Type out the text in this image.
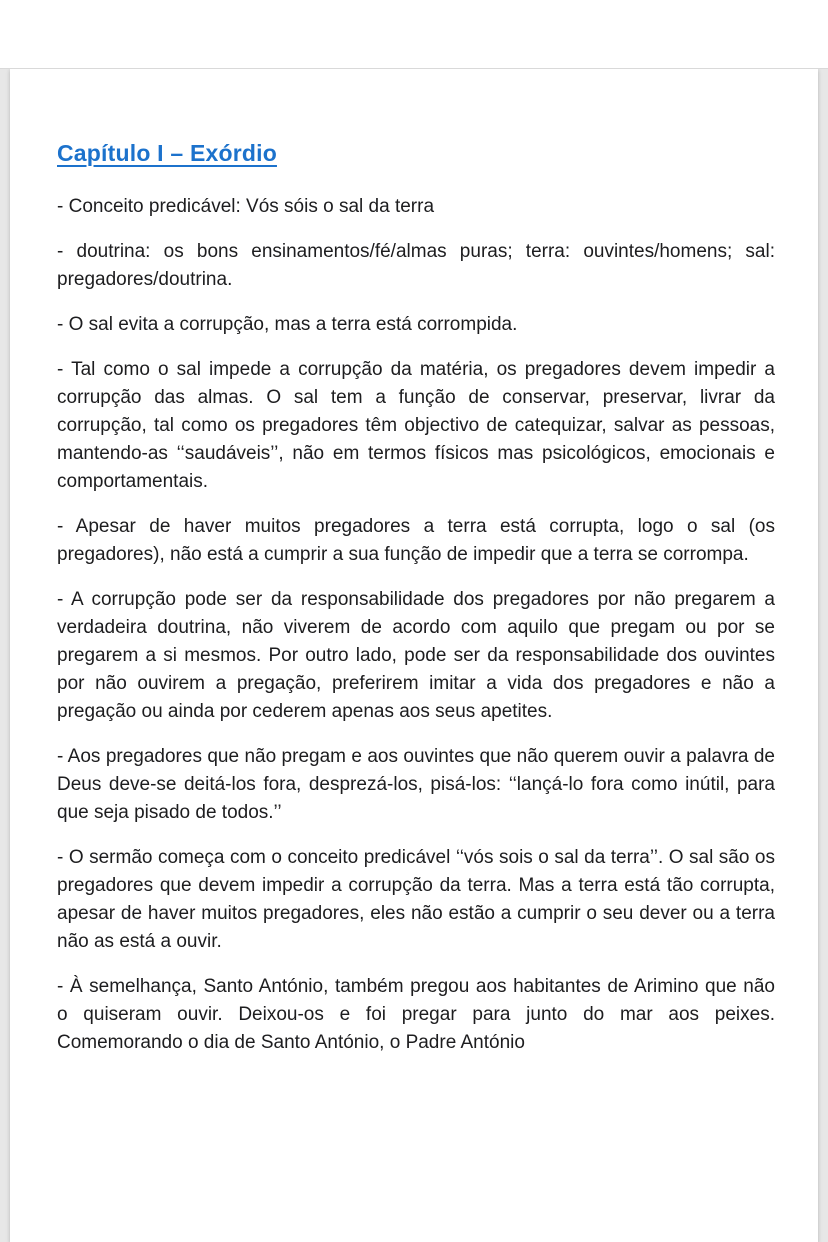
Capítulo I – Exórdio

- Conceito predicável: Vós sóis o sal da terra

- doutrina: os bons ensinamentos/fé/almas puras; terra: ouvintes/homens; sal: pregadores/doutrina.

- O sal evita a corrupção, mas a terra está corrompida.

- Tal como o sal impede a corrupção da matéria, os pregadores devem impedir a corrupção das almas. O sal tem a função de conservar, preservar, livrar da corrupção, tal como os pregadores têm objectivo de catequizar, salvar as pessoas, mantendo-as ‘‘saudáveis’’, não em termos físicos mas psicológicos, emocionais e comportamentais.

- Apesar de haver muitos pregadores a terra está corrupta, logo o sal (os pregadores), não está a cumprir a sua função de impedir que a terra se corrompa.

- A corrupção pode ser da responsabilidade dos pregadores por não pregarem a verdadeira doutrina, não viverem de acordo com aquilo que pregam ou por se pregarem a si mesmos. Por outro lado, pode ser da responsabilidade dos ouvintes por não ouvirem a pregação, preferirem imitar a vida dos pregadores e não a pregação ou ainda por cederem apenas aos seus apetites.

- Aos pregadores que não pregam e aos ouvintes que não querem ouvir a palavra de Deus deve-se deitá-los fora, desprezá-los, pisá-los: ‘‘lançá-lo fora como inútil, para que seja pisado de todos.’’

- O sermão começa com o conceito predicável ‘‘vós sois o sal da terra’’. O sal são os pregadores que devem impedir a corrupção da terra. Mas a terra está tão corrupta, apesar de haver muitos pregadores, eles não estão a cumprir o seu dever ou a terra não as está a ouvir.

- À semelhança, Santo António, também pregou aos habitantes de Arimino que não o quiseram ouvir. Deixou-os e foi pregar para junto do mar aos peixes. Comemorando o dia de Santo António, o Padre António
